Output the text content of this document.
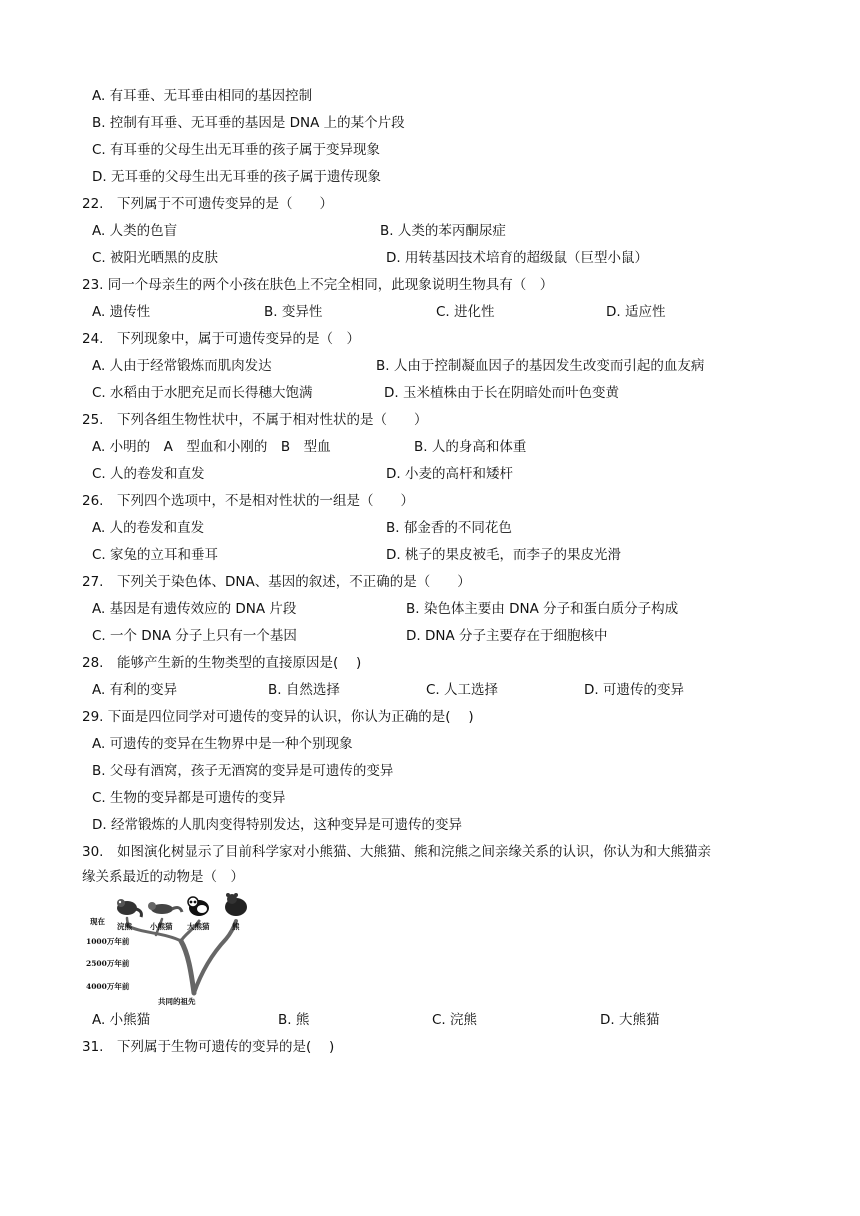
A. 有耳垂、无耳垂由相同的基因控制
B. 控制有耳垂、无耳垂的基因是 DNA 上的某个片段
C. 有耳垂的父母生出无耳垂的孩子属于变异现象
D. 无耳垂的父母生出无耳垂的孩子属于遗传现象
22.　下列属于不可遗传变异的是（　　）
A. 人类的色盲	B. 人类的苯丙酮尿症
C. 被阳光晒黑的皮肤	D. 用转基因技术培育的超级鼠（巨型小鼠）
23. 同一个母亲生的两个小孩在肤色上不完全相同，此现象说明生物具有（　）
A. 遗传性	B. 变异性	C. 进化性	D. 适应性
24.　下列现象中，属于可遗传变异的是（　）
A. 人由于经常锻炼而肌肉发达	B. 人由于控制凝血因子的基因发生改变而引起的血友病
C. 水稻由于水肥充足而长得穗大饱满	D. 玉米植株由于长在阴暗处而叶色变黄
25.　下列各组生物性状中，不属于相对性状的是（　　）
A. 小明的　A　型血和小刚的　B　型血	B. 人的身高和体重
C. 人的卷发和直发	D. 小麦的高杆和矮杆
26.　下列四个选项中，不是相对性状的一组是（　　）
A. 人的卷发和直发	B. 郁金香的不同花色
C. 家兔的立耳和垂耳	D. 桃子的果皮被毛，而李子的果皮光滑
27.　下列关于染色体、DNA、基因的叙述，不正确的是（　　）
A. 基因是有遗传效应的 DNA 片段	B. 染色体主要由 DNA 分子和蛋白质分子构成
C. 一个 DNA 分子上只有一个基因	D. DNA 分子主要存在于细胞核中
28.　能够产生新的生物类型的直接原因是(　 )
A. 有利的变异	B. 自然选择	C. 人工选择	D. 可遗传的变异
29. 下面是四位同学对可遗传的变异的认识，你认为正确的是(　 )
A. 可遗传的变异在生物界中是一种个别现象
B. 父母有酒窝，孩子无酒窝的变异是可遗传的变异
C. 生物的变异都是可遗传的变异
D. 经常锻炼的人肌肉变得特别发达，这种变异是可遗传的变异
30.　如图演化树显示了目前科学家对小熊猫、大熊猫、熊和浣熊之间亲缘关系的认识，你认为和大熊猫亲
缘关系最近的动物是（　）
现在
浣熊 小熊猫 大熊猫	熊
1000万年前
2500万年前
4000万年前
共同的祖先
A. 小熊猫	B. 熊	C. 浣熊	D. 大熊猫
31.　下列属于生物可遗传的变异的是(　 )
